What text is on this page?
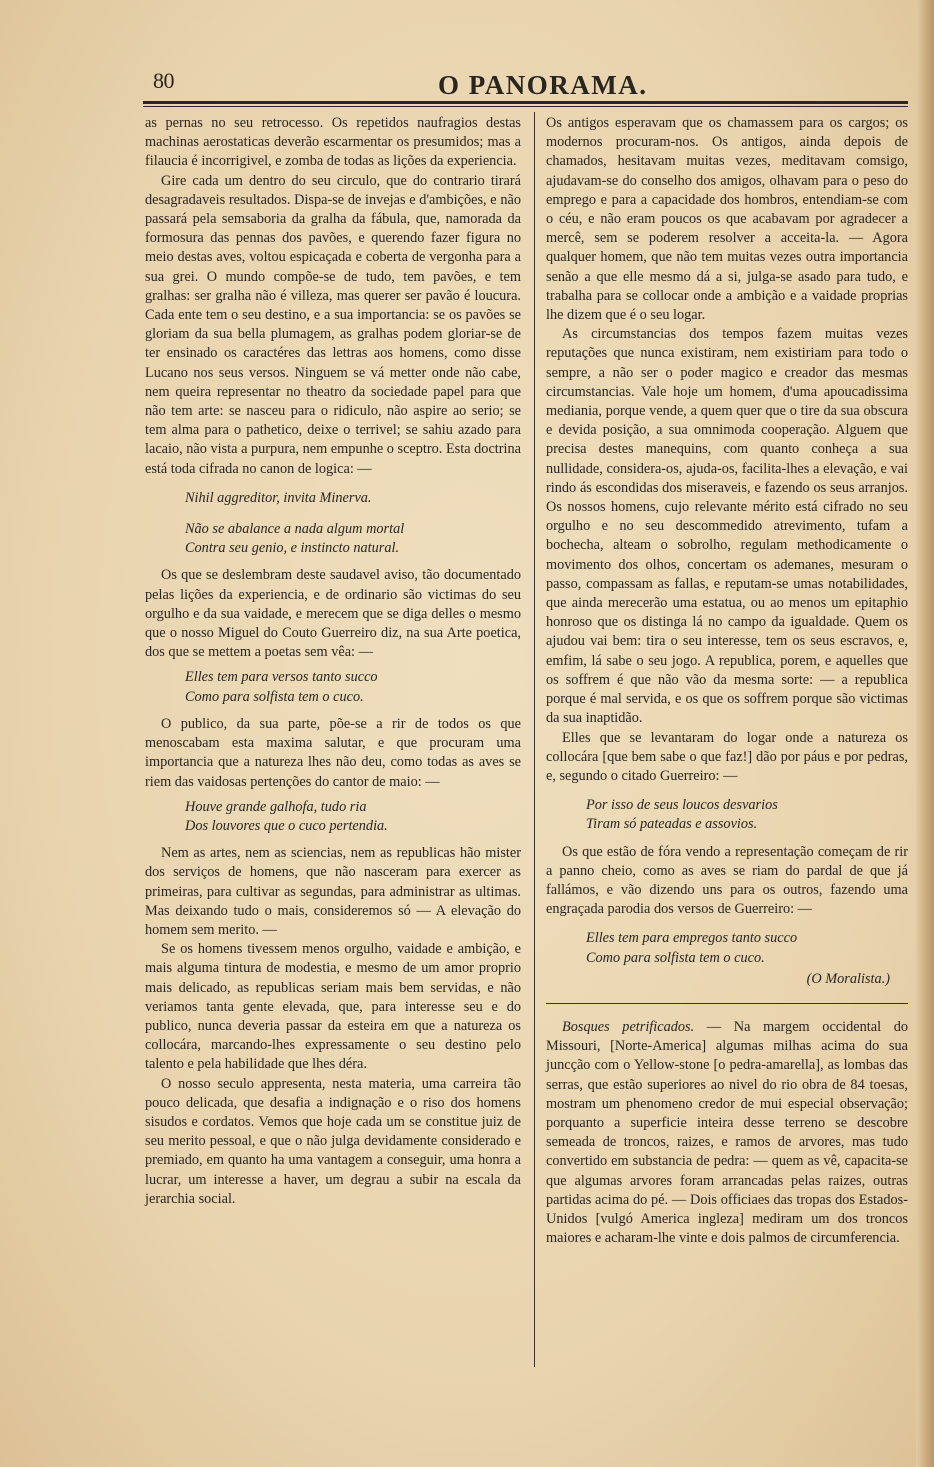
80	O PANORAMA.

as pernas no seu retrocesso. Os repetidos naufragios destas machinas aerostaticas deverão escarmentar os presumidos; mas a filaucia é incorrigivel, e zomba de todas as lições da experiencia.

Gire cada um dentro do seu circulo, que do contrario tirará desagradaveis resultados. Dispa-se de invejas e d'ambições, e não passará pela semsaboria da gralha da fábula, que, namorada da formosura das pennas dos pavões, e querendo fazer figura no meio destas aves, voltou espicaçada e coberta de vergonha para a sua grei. O mundo compõe-se de tudo, tem pavões, e tem gralhas: ser gralha não é villeza, mas querer ser pavão é loucura. Cada ente tem o seu destino, e a sua importancia: se os pavões se gloriam da sua bella plumagem, as gralhas podem gloriar-se de ter ensinado os caractéres das lettras aos homens, como disse Lucano nos seus versos. Ninguem se vá metter onde não cabe, nem queira representar no theatro da sociedade papel para que não tem arte: se nasceu para o ridiculo, não aspire ao serio; se tem alma para o pathetico, deixe o terrivel; se sahiu azado para lacaio, não vista a purpura, nem empunhe o sceptro. Esta doctrina está toda cifrada no canon de logica: —

Nihil aggreditor, invita Minerva.
Não se abalance a nada algum mortal
Contra seu genio, e instincto natural.

Os que se deslembram deste saudavel aviso, tão documentado pelas lições da experiencia, e de ordinario são victimas do seu orgulho e da sua vaidade, e merecem que se diga delles o mesmo que o nosso Miguel do Couto Guerreiro diz, na sua Arte poetica, dos que se mettem a poetas sem vêa: —

Elles tem para versos tanto succo
Como para solfista tem o cuco.

O publico, da sua parte, põe-se a rir de todos os que menoscabam esta maxima salutar, e que procuram uma importancia que a natureza lhes não deu, como todas as aves se riem das vaidosas pertenções do cantor de maio: —

Houve grande galhofa, tudo ria
Dos louvores que o cuco pertendia.

Nem as artes, nem as sciencias, nem as republicas hão mister dos serviços de homens, que não nasceram para exercer as primeiras, para cultivar as segundas, para administrar as ultimas. Mas deixando tudo o mais, consideremos só — A elevação do homem sem merito. —

Se os homens tivessem menos orgulho, vaidade e ambição, e mais alguma tintura de modestia, e mesmo de um amor proprio mais delicado, as republicas seriam mais bem servidas, e não veriamos tanta gente elevada, que, para interesse seu e do publico, nunca deveria passar da esteira em que a natureza os collocára, marcando-lhes expressamente o seu destino pelo talento e pela habilidade que lhes déra.

O nosso seculo appresenta, nesta materia, uma carreira tão pouco delicada, que desafia a indignação e o riso dos homens sisudos e cordatos. Vemos que hoje cada um se constitue juiz de seu merito pessoal, e que o não julga devidamente considerado e premiado, em quanto ha uma vantagem a conseguir, uma honra a lucrar, um interesse a haver, um degrau a subir na escala da jerarchia social.

Os antigos esperavam que os chamassem para os cargos; os modernos procuram-nos. Os antigos, ainda depois de chamados, hesitavam muitas vezes, meditavam comsigo, ajudavam-se do conselho dos amigos, olhavam para o peso do emprego e para a capacidade dos hombros, entendiam-se com o céu, e não eram poucos os que acabavam por agradecer a mercê, sem se poderem resolver a acceita-la. — Agora qualquer homem, que não tem muitas vezes outra importancia senão a que elle mesmo dá a si, julga-se asado para tudo, e trabalha para se collocar onde a ambição e a vaidade proprias lhe dizem que é o seu logar.

As circumstancias dos tempos fazem muitas vezes reputações que nunca existiram, nem existiriam para todo o sempre, a não ser o poder magico e creador das mesmas circumstancias. Vale hoje um homem, d'uma apoucadissima mediania, porque vende, a quem quer que o tire da sua obscura e devida posição, a sua omnimoda cooperação. Alguem que precisa destes manequins, com quanto conheça a sua nullidade, considera-os, ajuda-os, facilita-lhes a elevação, e vai rindo ás escondidas dos miseraveis, e fazendo os seus arranjos. Os nossos homens, cujo relevante mérito está cifrado no seu orgulho e no seu descommedido atrevimento, tufam a bochecha, alteam o sobrolho, regulam methodicamente o movimento dos olhos, concertam os ademanes, mesuram o passo, compassam as fallas, e reputam-se umas notabilidades, que ainda merecerão uma estatua, ou ao menos um epitaphio honroso que os distinga lá no campo da igualdade. Quem os ajudou vai bem: tira o seu interesse, tem os seus escravos, e, emfim, lá sabe o seu jogo. A republica, porem, e aquelles que os soffrem é que não vão da mesma sorte: — a republica porque é mal servida, e os que os soffrem porque são victimas da sua inaptidão.

Elles que se levantaram do logar onde a natureza os collocára [que bem sabe o que faz!] dão por páus e por pedras, e, segundo o citado Guerreiro: —

Por isso de seus loucos desvarios
Tiram só pateadas e assovios.

Os que estão de fóra vendo a representação começam de rir a panno cheio, como as aves se riam do pardal de que já fallámos, e vão dizendo uns para os outros, fazendo uma engraçada parodia dos versos de Guerreiro: —

Elles tem para empregos tanto succo
Como para solfista tem o cuco.
(O Moralista.)

Bosques petrificados. — Na margem occidental do Missouri, [Norte-America] algumas milhas acima do sua juncção com o Yellow-stone [o pedra-amarella], as lombas das serras, que estão superiores ao nivel do rio obra de 84 toesas, mostram um phenomeno credor de mui especial observação; porquanto a superficie inteira desse terreno se descobre semeada de troncos, raizes, e ramos de arvores, mas tudo convertido em substancia de pedra: — quem as vê, capacita-se que algumas arvores foram arrancadas pelas raizes, outras partidas acima do pé. — Dois officiaes das tropas dos Estados-Unidos [vulgó America ingleza] mediram um dos troncos maiores e acharam-lhe vinte e dois palmos de circumferencia.
